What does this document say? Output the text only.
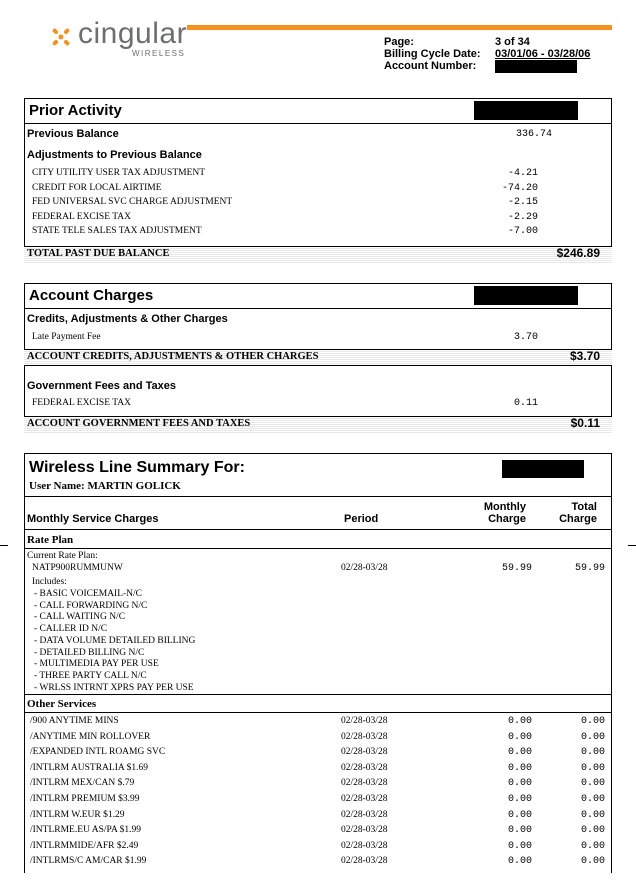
cingular
WIRELESS
Page:	3 of 34
Billing Cycle Date: 03/01/06 - 03/28/06
Account Number:
Prior Activity
Previous Balance	336.74
Adjustments to Previous Balance
CITY UTILITY USER TAX ADJUSTMENT	-4.21
CREDIT FOR LOCAL AIRTIME	-74.20
FED UNIVERSAL SVC CHARGE ADJUSTMENT	-2.15
FEDERAL EXCISE TAX	-2.29
STATE TELE SALES TAX ADJUSTMENT	-7.00
TOTAL PAST DUE BALANCE	$246.89
Account Charges
Credits, Adjustments & Other Charges
Late Payment Fee	3.70
ACCOUNT CREDITS, ADJUSTMENTS & OTHER CHARGES	$3.70
Government Fees and Taxes
FEDERAL EXCISE TAX	0.11
ACCOUNT GOVERNMENT FEES AND TAXES	$0.11
Wireless Line Summary For:
User Name: MARTIN GOLICK
Monthly Service Charges	Period
Monthly
Charge
Total
Charge
Rate Plan
Current Rate Plan:
NATP900RUMMUNW	02/28-03/28	59.99	59.99
Includes:
- BASIC VOICEMAIL-N/C
- CALL FORWARDING N/C
- CALL WAITING N/C
- CALLER ID N/C
- DATA VOLUME DETAILED BILLING
- DETAILED BILLING N/C
- MULTIMEDIA PAY PER USE
- THREE PARTY CALL N/C
- WRLSS INTRNT XPRS PAY PER USE
Other Services
/900 ANYTIME MINS	02/28-03/28	0.00	0.00
/ANYTIME MIN ROLLOVER	02/28-03/28	0.00	0.00
/EXPANDED INTL ROAMG SVC	02/28-03/28	0.00	0.00
/INTLRM AUSTRALIA $1.69	02/28-03/28	0.00	0.00
/INTLRM MEX/CAN $.79	02/28-03/28	0.00	0.00
/INTLRM PREMIUM $3.99	02/28-03/28	0.00	0.00
/INTLRM W.EUR $1.29	02/28-03/28	0.00	0.00
/INTLRME.EU AS/PA $1.99	02/28-03/28	0.00	0.00
/INTLRMMIDE/AFR $2.49	02/28-03/28	0.00	0.00
/INTLRMS/C AM/CAR $1.99	02/28-03/28	0.00	0.00
